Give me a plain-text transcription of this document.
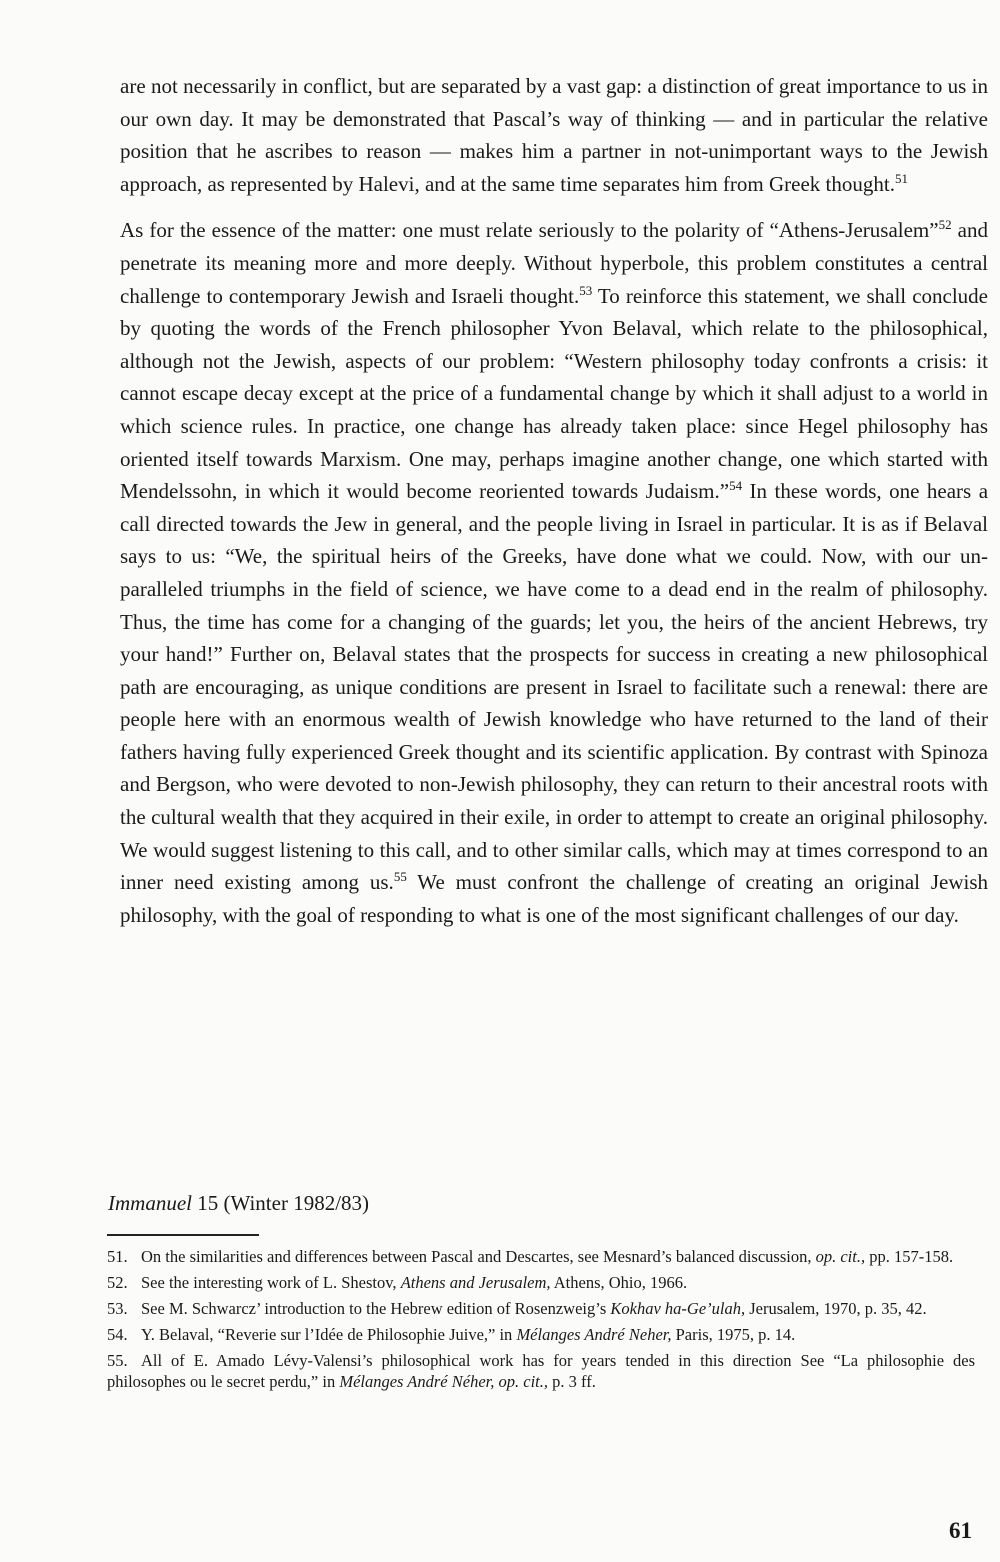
are not necessarily in conflict, but are separated by a vast gap: a distinction of great importance to us in our own day. It may be demonstrated that Pascal’s way of thinking — and in particular the relative position that he ascribes to reason — makes him a partner in not-unimportant ways to the Jewish approach, as represented by Halevi, and at the same time separates him from Greek thought.$^{51}$

As for the essence of the matter: one must relate seriously to the polarity of “Athens-Jerusalem”$^{52}$ and penetrate its meaning more and more deeply. Without hyperbole, this problem constitutes a central challenge to contemporary Jewish and Israeli thought.$^{53}$ To reinforce this statement, we shall conclude by quoting the words of the French philosopher Yvon Belaval, which relate to the philosophical, although not the Jewish, aspects of our problem: “Western philosophy today confronts a crisis: it cannot escape decay except at the price of a fundamental change by which it shall adjust to a world in which science rules. In practice, one change has already taken place: since Hegel philosophy has oriented itself towards Marxism. One may, perhaps imagine another change, one which started with Mendelssohn, in which it would become reoriented towards Judaism.”$^{54}$ In these words, one hears a call directed towards the Jew in general, and the people living in Israel in particular. It is as if Belaval says to us: “We, the spiritual heirs of the Greeks, have done what we could. Now, with our unparalleled triumphs in the field of science, we have come to a dead end in the realm of philosophy. Thus, the time has come for a changing of the guards; let you, the heirs of the ancient Hebrews, try your hand!” Further on, Belaval states that the prospects for success in creating a new philosophical path are encouraging, as unique conditions are present in Israel to facilitate such a renewal: there are people here with an enormous wealth of Jewish knowledge who have returned to the land of their fathers having fully experienced Greek thought and its scientific application. By contrast with Spinoza and Bergson, who were devoted to non-Jewish philosophy, they can return to their ancestral roots with the cultural wealth that they acquired in their exile, in order to attempt to create an original philosophy. We would suggest listening to this call, and to other similar calls, which may at times correspond to an inner need existing among us.$^{55}$ We must confront the challenge of creating an original Jewish philosophy, with the goal of responding to what is one of the most significant challenges of our day.

Immanuel 15 (Winter 1982/83)

51. On the similarities and differences between Pascal and Descartes, see Mesnard’s balanced discussion, op. cit., pp. 157-158.

52. See the interesting work of L. Shestov, Athens and Jerusalem, Athens, Ohio, 1966.

53. See M. Schwarcz’ introduction to the Hebrew edition of Rosenzweig’s Kokhav ha-Ge’ulah, Jerusalem, 1970, p. 35, 42.

54. Y. Belaval, “Reverie sur l’Idée de Philosophie Juive,” in Mélanges André Neher, Paris, 1975, p. 14.

55. All of E. Amado Lévy-Valensi’s philosophical work has for years tended in this direction See “La philosophie des philosophes ou le secret perdu,” in Mélanges André Néher, op. cit., p. 3 ff.

61
